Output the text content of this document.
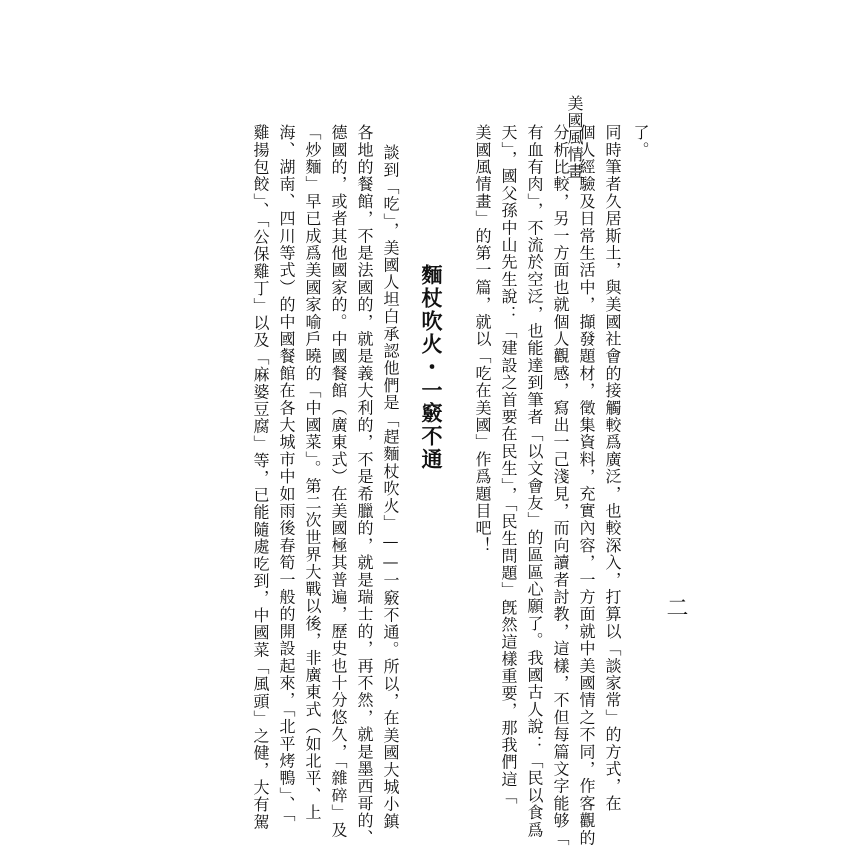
美國風情畫
二
了。
同時筆者久居斯土，與美國社會的接觸較爲廣泛，也較深入，打算以「談家常」的方式，在
個人經驗及日常生活中，擷發題材，徵集資料，充實內容，一方面就中美國情之不同，作客觀的
分析比較，另一方面也就個人觀感，寫出一己淺見，而向讀者討教，這樣，不但每篇文字能够「
有血有肉」，不流於空泛，也能達到筆者「以文會友」的區區心願了。我國古人說：「民以食爲
天」，國父孫中山先生說：「建設之首要在民生」，「民生問題」旣然這樣重要，那我們這「
美國風情畫」的第一篇，就以「吃在美國」作爲題目吧！
麵杖吹火・一竅不通
談到「吃」，美國人坦白承認他們是「趕麵杖吹火」——一竅不通。所以，在美國大城小鎮
各地的餐館，不是法國的，就是義大利的，不是希臘的，就是瑞士的，再不然，就是墨西哥的、
德國的，或者其他國家的。中國餐館（廣東式）在美國極其普遍，歷史也十分悠久，「雜碎」及
「炒麵」早已成爲美國家喻戶曉的「中國菜」。第二次世界大戰以後，非廣東式（如北平、上
海、湖南、四川等式）的中國餐館在各大城市中如雨後春筍一般的開設起來，「北平烤鴨」、「
雞揚包餃」、「公保雞丁」以及「麻婆豆腐」等，已能隨處吃到，中國菜「風頭」之健，大有駕
